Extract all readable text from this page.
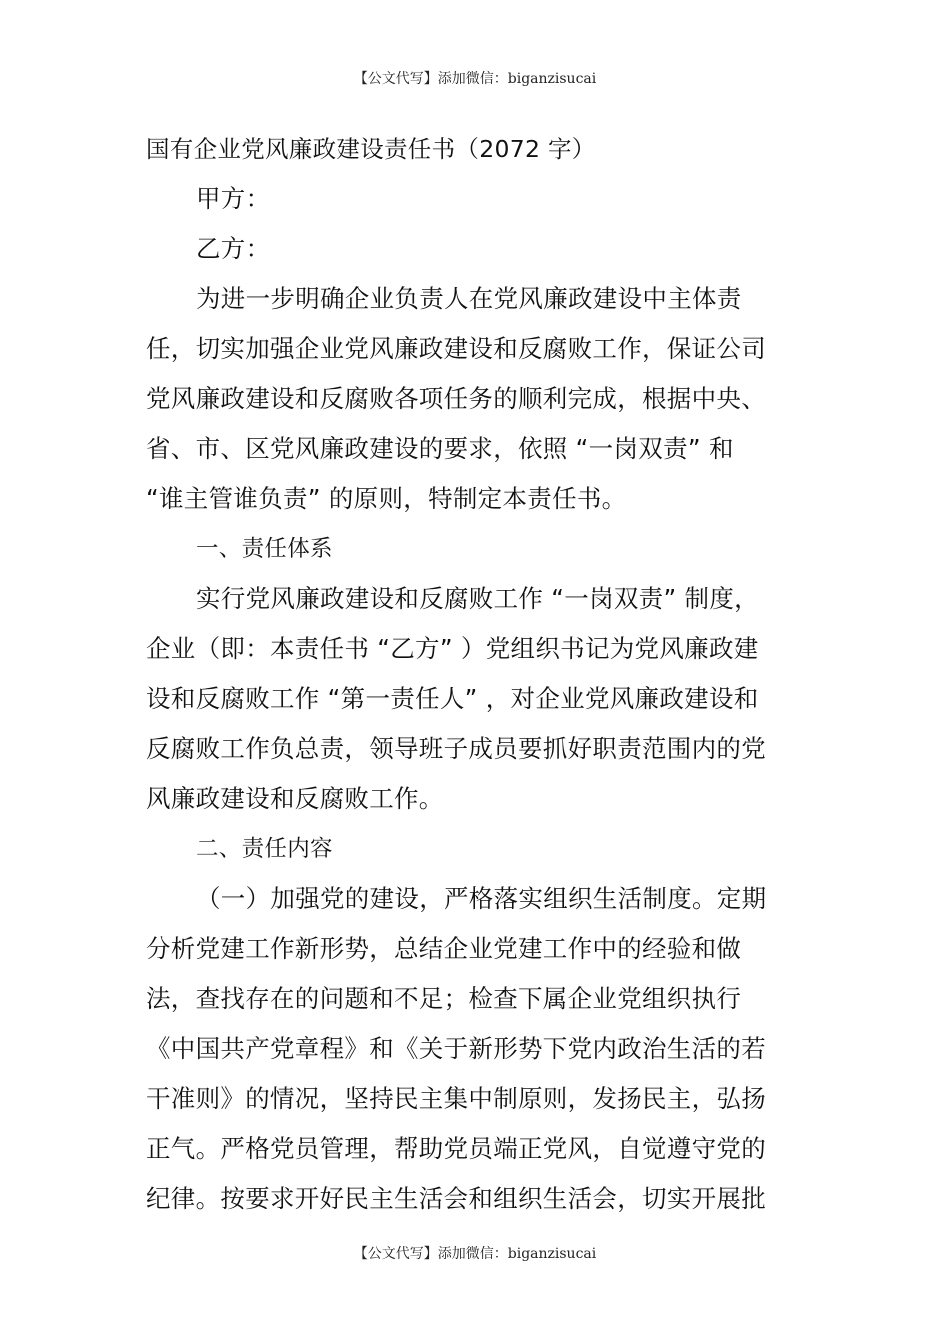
【公文代写】添加微信：biganzisucai
国有企业党风廉政建设责任书（2072 字）
甲方：
乙方：
为进一步明确企业负责人在党风廉政建设中主体责
任，切实加强企业党风廉政建设和反腐败工作，保证公司
党风廉政建设和反腐败各项任务的顺利完成，根据中央、
省、市、区党风廉政建设的要求，依照 “一岗双责” 和
“谁主管谁负责” 的原则，特制定本责任书。
一、责任体系
实行党风廉政建设和反腐败工作 “一岗双责” 制度，
企业（即：本责任书 “乙方” ）党组织书记为党风廉政建
设和反腐败工作 “第一责任人” ，对企业党风廉政建设和
反腐败工作负总责，领导班子成员要抓好职责范围内的党
风廉政建设和反腐败工作。
二、责任内容
（一）加强党的建设，严格落实组织生活制度。定期
分析党建工作新形势，总结企业党建工作中的经验和做
法，查找存在的问题和不足；检查下属企业党组织执行
《中国共产党章程》和《关于新形势下党内政治生活的若
干准则》的情况，坚持民主集中制原则，发扬民主，弘扬
正气。严格党员管理，帮助党员端正党风，自觉遵守党的
纪律。按要求开好民主生活会和组织生活会，切实开展批
【公文代写】添加微信：biganzisucai
